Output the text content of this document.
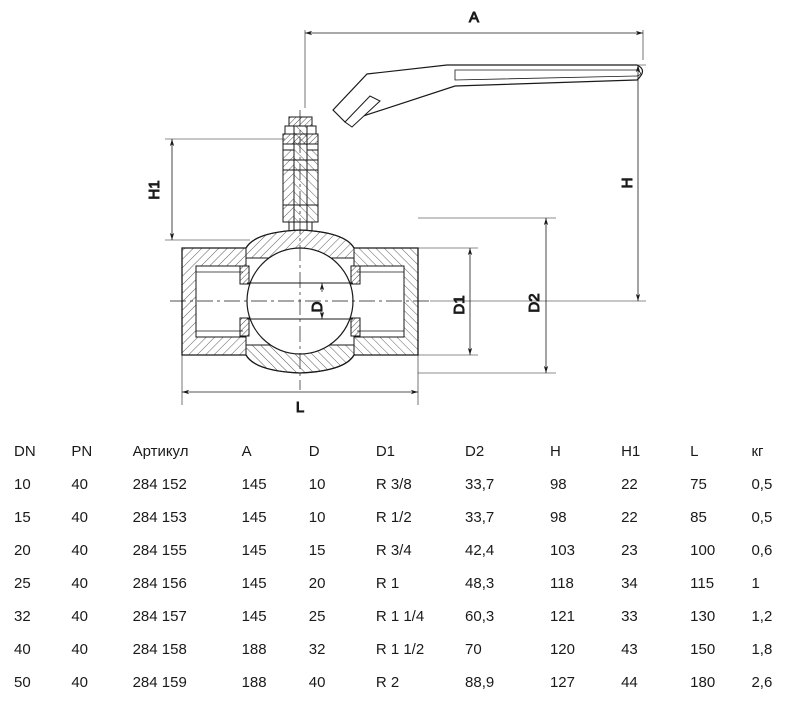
A
H
H1
D	D1	D2
L
DN	PN	Артикул	A	D	D1	D2	H	H1	L	кг
10	40	284 152	145	10	R 3/8	33,7	98	22	75	0,5
15	40	284 153	145	10	R 1/2	33,7	98	22	85	0,5
20	40	284 155	145	15	R 3/4	42,4	103	23	100	0,6
25	40	284 156	145	20	R 1	48,3	118	34	115	1
32	40	284 157	145	25	R 1 1/4	60,3	121	33	130	1,2
40	40	284 158	188	32	R 1 1/2	70	120	43	150	1,8
50	40	284 159	188	40	R 2	88,9	127	44	180	2,6
